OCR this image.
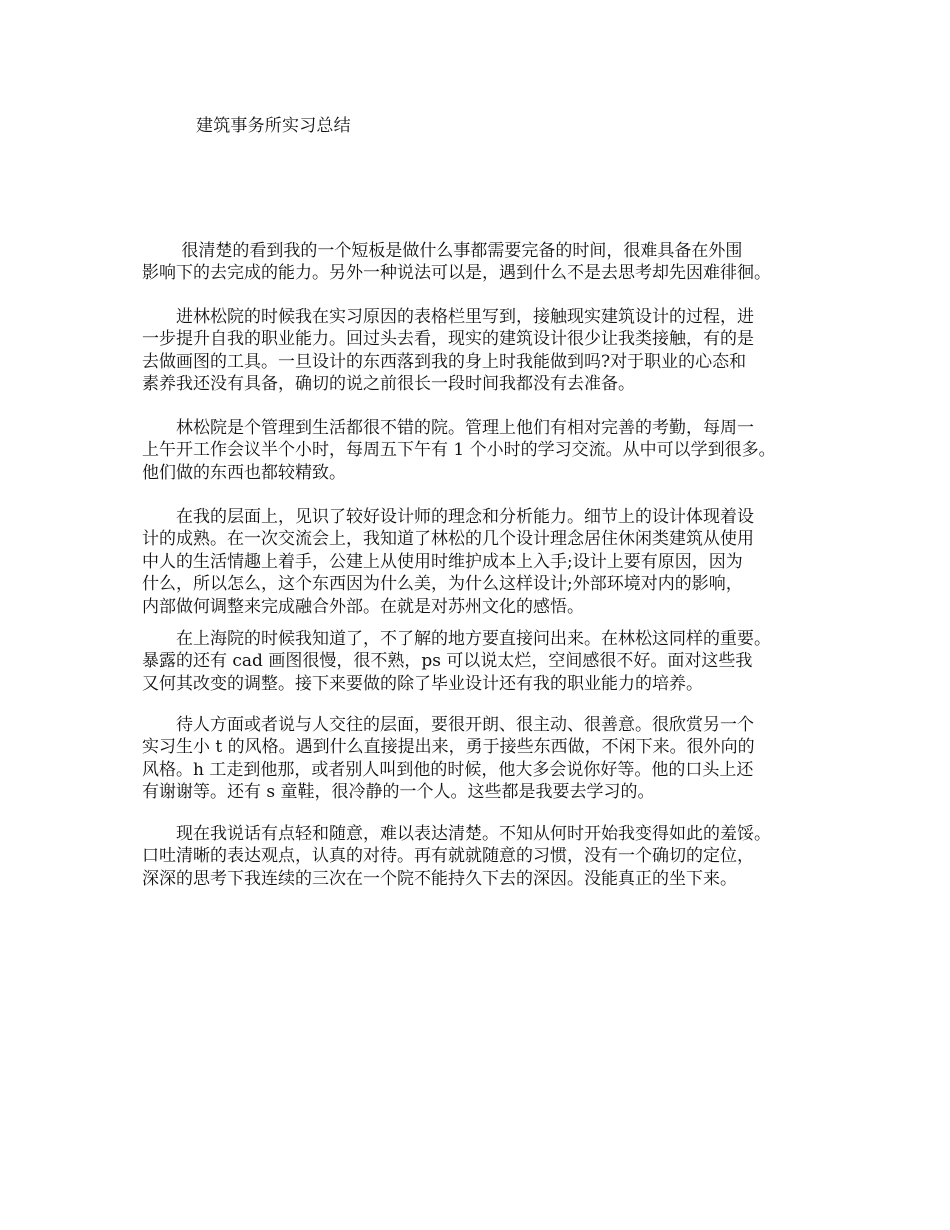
建筑事务所实习总结
　　 很清楚的看到我的一个短板是做什么事都需要完备的时间，很难具备在外围
影响下的去完成的能力。另外一种说法可以是，遇到什么不是去思考却先因难徘徊。
　　进林松院的时候我在实习原因的表格栏里写到，接触现实建筑设计的过程，进
一步提升自我的职业能力。回过头去看，现实的建筑设计很少让我类接触，有的是
去做画图的工具。一旦设计的东西落到我的身上时我能做到吗?对于职业的心态和
素养我还没有具备，确切的说之前很长一段时间我都没有去准备。
　　林松院是个管理到生活都很不错的院。管理上他们有相对完善的考勤，每周一
上午开工作会议半个小时，每周五下午有 1 个小时的学习交流。从中可以学到很多。
他们做的东西也都较精致。
　　在我的层面上，见识了较好设计师的理念和分析能力。细节上的设计体现着设
计的成熟。在一次交流会上，我知道了林松的几个设计理念居住休闲类建筑从使用
中人的生活情趣上着手，公建上从使用时维护成本上入手;设计上要有原因，因为
什么，所以怎么，这个东西因为什么美，为什么这样设计;外部环境对内的影响，
内部做何调整来完成融合外部。在就是对苏州文化的感悟。
　　在上海院的时候我知道了，不了解的地方要直接问出来。在林松这同样的重要。
暴露的还有 cad 画图很慢，很不熟，ps 可以说太烂，空间感很不好。面对这些我
又何其改变的调整。接下来要做的除了毕业设计还有我的职业能力的培养。
　　待人方面或者说与人交往的层面，要很开朗、很主动、很善意。很欣赏另一个
实习生小 t 的风格。遇到什么直接提出来，勇于接些东西做，不闲下来。很外向的
风格。h 工走到他那，或者别人叫到他的时候，他大多会说你好等。他的口头上还
有谢谢等。还有 s 童鞋，很冷静的一个人。这些都是我要去学习的。
　　现在我说话有点轻和随意，难以表达清楚。不知从何时开始我变得如此的羞馁。
口吐清晰的表达观点，认真的对待。再有就就随意的习惯，没有一个确切的定位，
深深的思考下我连续的三次在一个院不能持久下去的深因。没能真正的坐下来。
